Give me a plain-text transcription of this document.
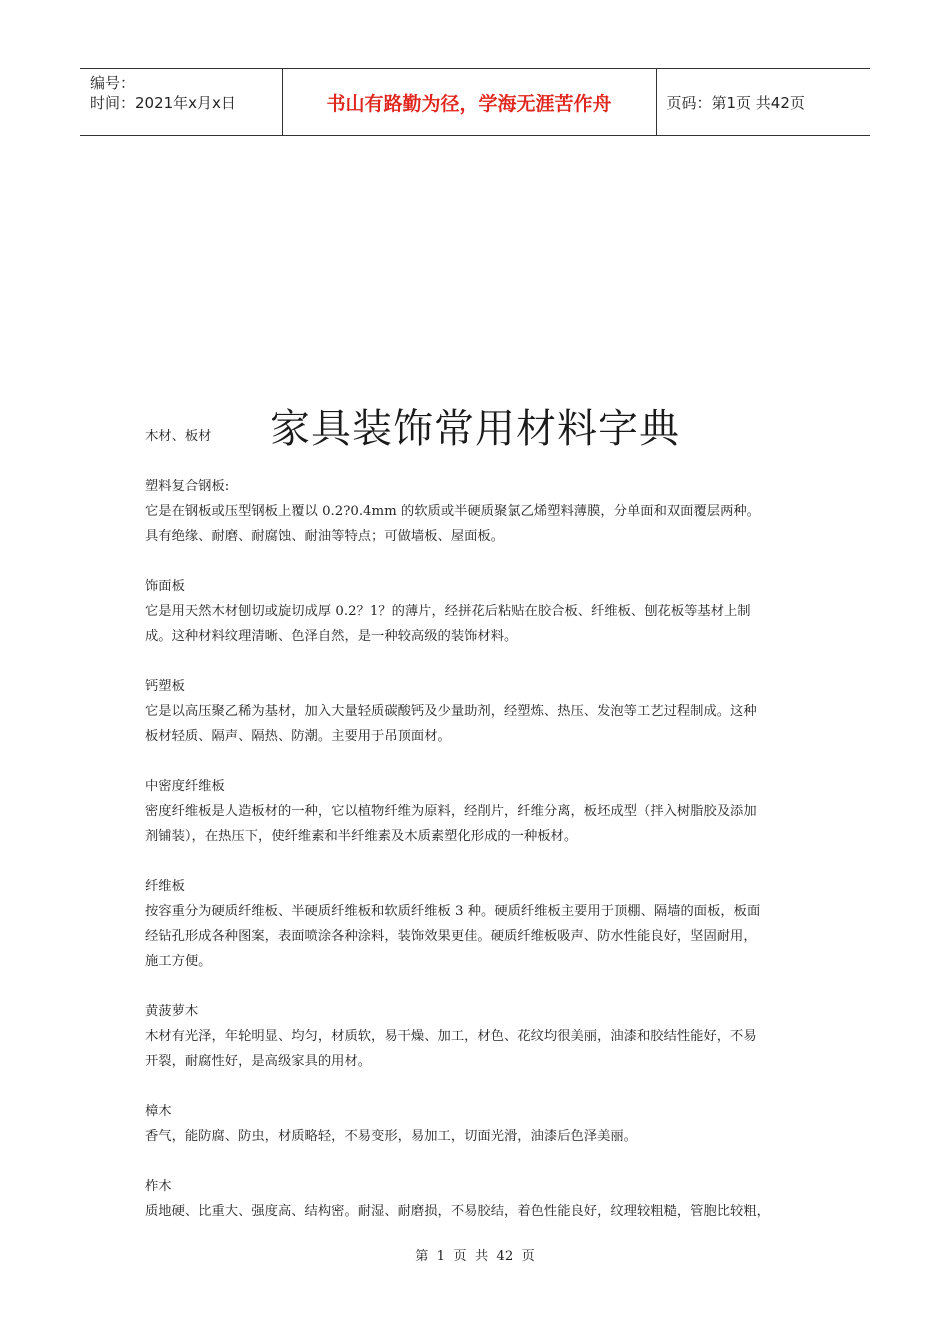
编号：
时间：2021年x月x日	书山有路勤为径，学海无涯苦作舟	页码：第1页 共42页
家具装饰常用材料字典

木材、板材

塑料复合钢板:

它是在钢板或压型钢板上覆以 0.2?0.4mm 的软质或半硬质聚氯乙烯塑料薄膜，分单面和双面覆层两种。

具有绝缘、耐磨、耐腐蚀、耐油等特点；可做墙板、屋面板。

饰面板

它是用天然木材刨切或旋切成厚 0.2？1？的薄片，经拼花后粘贴在胶合板、纤维板、刨花板等基材上制

成。这种材料纹理清晰、色泽自然，是一种较高级的装饰材料。

钙塑板

它是以高压聚乙稀为基材，加入大量轻质碳酸钙及少量助剂，经塑炼、热压、发泡等工艺过程制成。这种

板材轻质、隔声、隔热、防潮。主要用于吊顶面材。

中密度纤维板

密度纤维板是人造板材的一种，它以植物纤维为原料，经削片，纤维分离，板坯成型（拌入树脂胶及添加

剂铺装），在热压下，使纤维素和半纤维素及木质素塑化形成的一种板材。

纤维板

按容重分为硬质纤维板、半硬质纤维板和软质纤维板 3 种。硬质纤维板主要用于顶棚、隔墙的面板，板面

经钻孔形成各种图案，表面喷涂各种涂料，装饰效果更佳。硬质纤维板吸声、防水性能良好，坚固耐用，

施工方便。

黄菠萝木

木材有光泽，年轮明显、均匀，材质软，易干燥、加工，材色、花纹均很美丽，油漆和胶结性能好，不易

开裂，耐腐性好，是高级家具的用材。

樟木

香气，能防腐、防虫，材质略轻，不易变形，易加工，切面光滑，油漆后色泽美丽。

柞木

质地硬、比重大、强度高、结构密。耐湿、耐磨损，不易胶结，着色性能良好，纹理较粗糙，管胞比较粗，

第 1 页 共 42 页
